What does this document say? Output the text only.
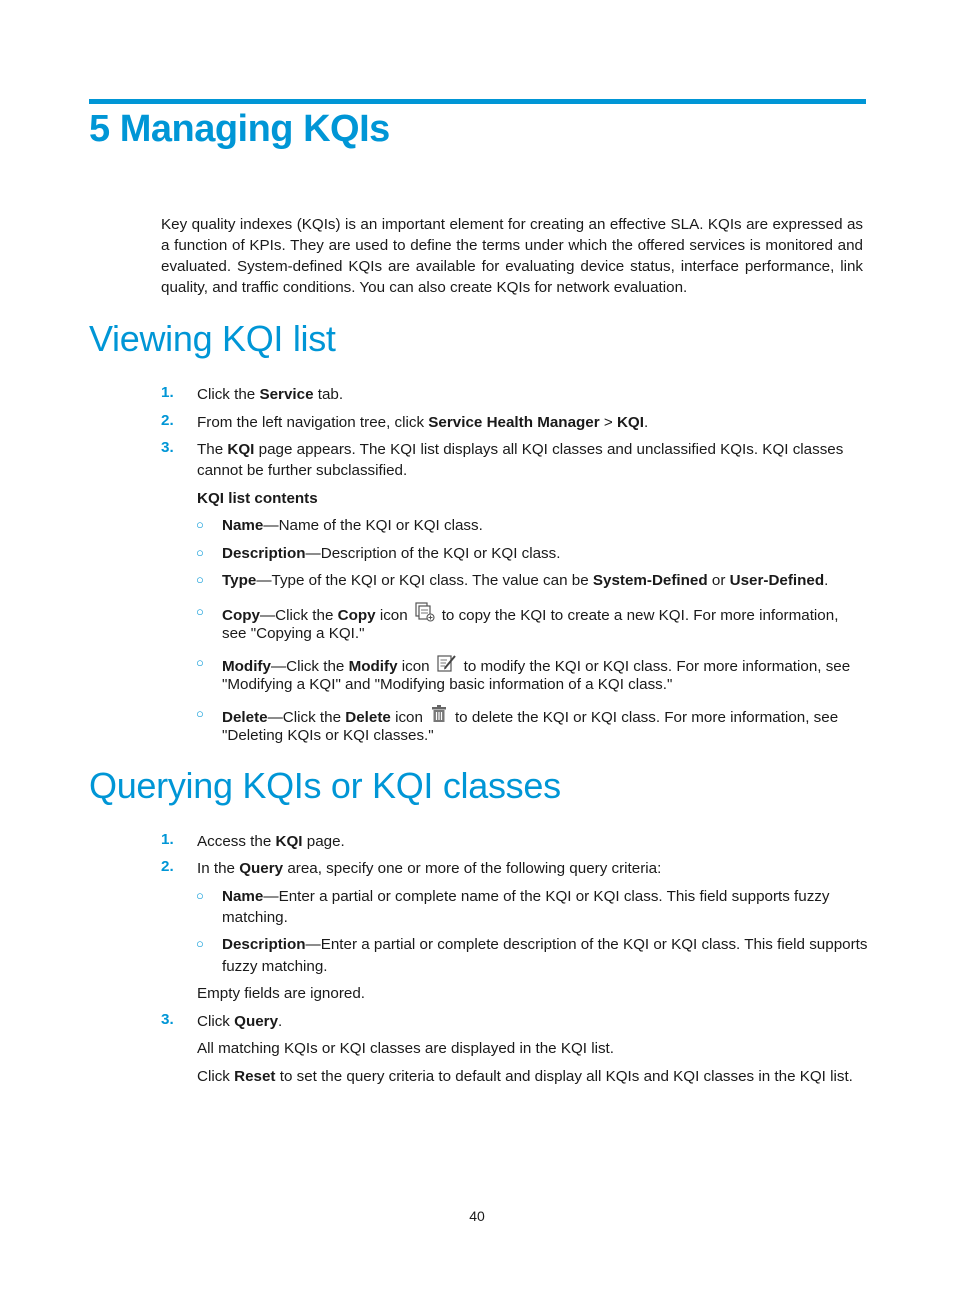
5 Managing KQIs

Key quality indexes (KQIs) is an important element for creating an effective SLA. KQIs are expressed as a function of KPIs. They are used to define the terms under which the offered services is monitored and evaluated. System-defined KQIs are available for evaluating device status, interface performance, link quality, and traffic conditions. You can also create KQIs for network evaluation.

Viewing KQI list
1. Click the Service tab.
2. From the left navigation tree, click Service Health Manager > KQI.
3. The KQI page appears. The KQI list displays all KQI classes and unclassified KQIs. KQI classes
cannot be further subclassified.
KQI list contents
○ Name—Name of the KQI or KQI class.
○ Description—Description of the KQI or KQI class.
○ Type—Type of the KQI or KQI class. The value can be System-Defined or User-Defined.
○ Copy—Click the Copy icon to copy the KQI to create a new KQI. For more information,
see "Copying a KQI."
○ Modify—Click the Modify icon to modify the KQI or KQI class. For more information, see
"Modifying a KQI" and "Modifying basic information of a KQI class."
○ Delete—Click the Delete icon to delete the KQI or KQI class. For more information, see
"Deleting KQIs or KQI classes."
Querying KQIs or KQI classes
1. Access the KQI page.
2. In the Query area, specify one or more of the following query criteria:
○ Name—Enter a partial or complete name of the KQI or KQI class. This field supports fuzzy
matching.
○ Description—Enter a partial or complete description of the KQI or KQI class. This field supports
fuzzy matching.
Empty fields are ignored.
3. Click Query.
All matching KQIs or KQI classes are displayed in the KQI list.
Click Reset to set the query criteria to default and display all KQIs and KQI classes in the KQI list.
40
